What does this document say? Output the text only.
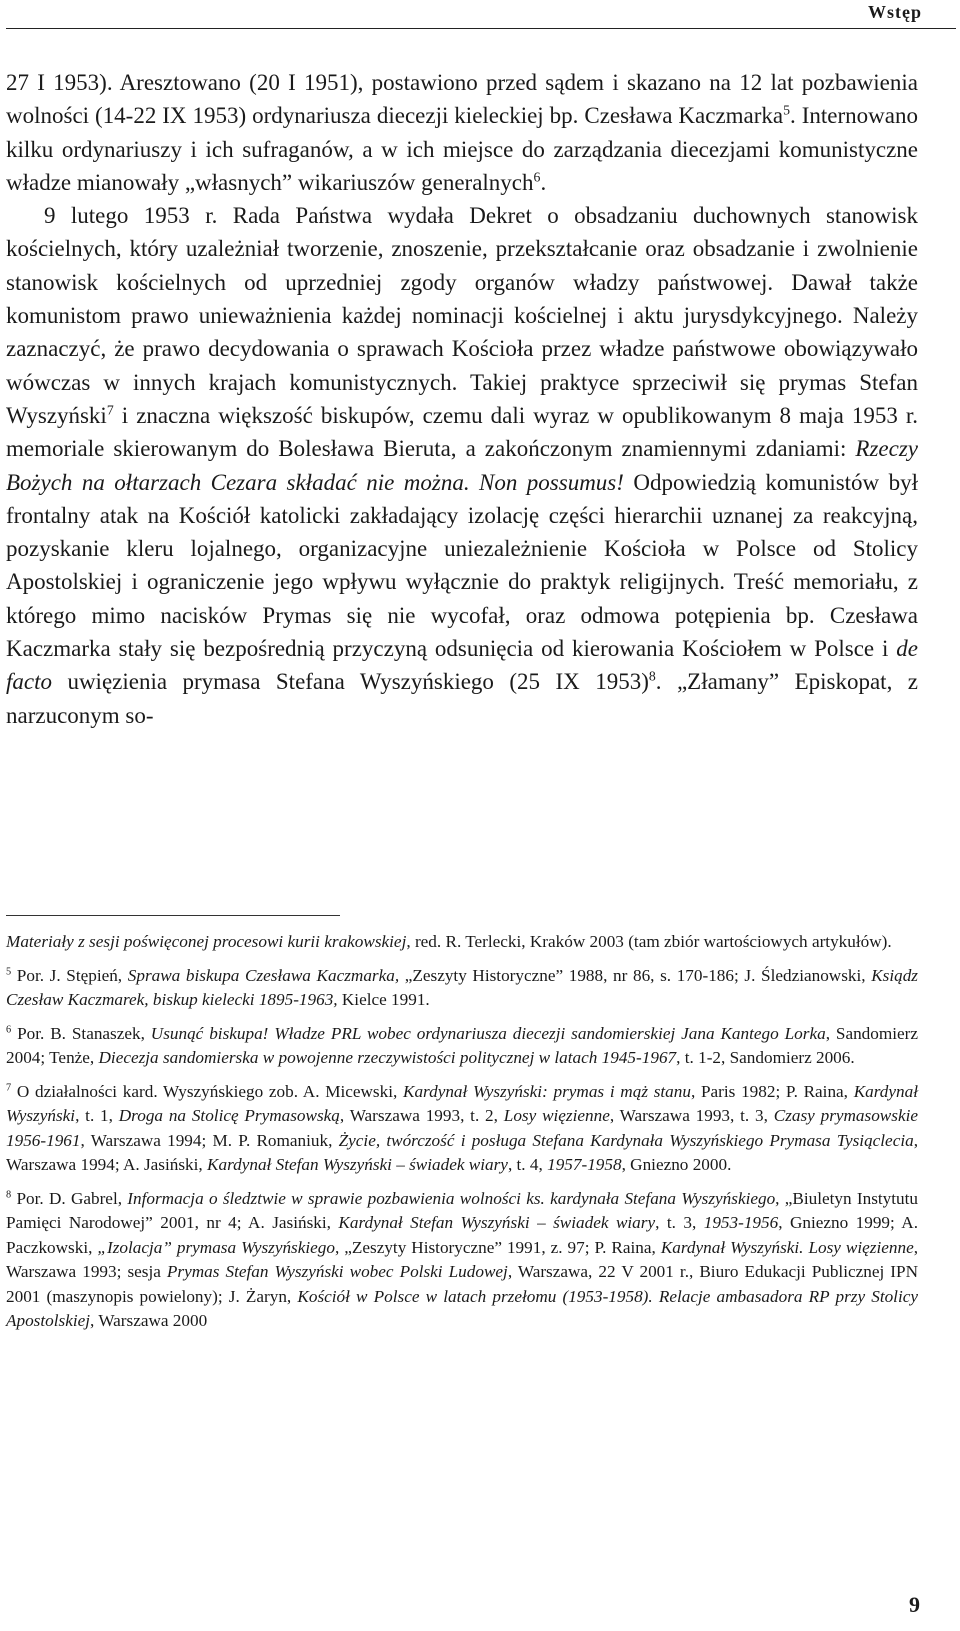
Wstęp

27 I 1953). Aresztowano (20 I 1951), postawiono przed sądem i skazano na 12 lat pozbawienia wolności (14-22 IX 1953) ordynariusza diecezji kieleckiej bp. Czesława Kaczmarka$^5$. Internowano kilku ordynariuszy i ich sufraganów, a w ich miejsce do zarządzania diecezjami komunistyczne władze mianowały „własnych” wikariuszów generalnych$^6$.

9 lutego 1953 r. Rada Państwa wydała Dekret o obsadzaniu duchownych stanowisk kościelnych, który uzależniał tworzenie, znoszenie, przekształcanie oraz obsadzanie i zwolnienie stanowisk kościelnych od uprzedniej zgody organów władzy państwowej. Dawał także komunistom prawo unieważnienia każdej nominacji kościelnej i aktu jurysdykcyjnego. Należy zaznaczyć, że prawo decydowania o sprawach Kościoła przez władze państwowe obowiązywało wówczas w innych krajach komunistycznych. Takiej praktyce sprzeciwił się prymas Stefan Wyszyński$^7$ i znaczna większość biskupów, czemu dali wyraz w opublikowanym 8 maja 1953 r. memoriale skierowanym do Bolesława Bieruta, a zakończonym znamiennymi zdaniami: Rzeczy Bożych na ołtarzach Cezara składać nie można. Non possumus! Odpowiedzią komunistów był frontalny atak na Kościół katolicki zakładający izolację części hierarchii uznanej za reakcyjną, pozyskanie kleru lojalnego, organizacyjne uniezależnienie Kościoła w Polsce od Stolicy Apostolskiej i ograniczenie jego wpływu wyłącznie do praktyk religijnych. Treść memoriału, z którego mimo nacisków Prymas się nie wycofał, oraz odmowa potępienia bp. Czesława Kaczmarka stały się bezpośrednią przyczyną odsunięcia od kierowania Kościołem w Polsce i de facto uwięzienia prymasa Stefana Wyszyńskiego (25 IX 1953)$^8$. „Złamany” Episkopat, z narzuconym so-

Materiały z sesji poświęconej procesowi kurii krakowskiej, red. R. Terlecki, Kraków 2003 (tam zbiór wartościowych artykułów).

$^5$ Por. J. Stępień, Sprawa biskupa Czesława Kaczmarka, „Zeszyty Historyczne” 1988, nr 86, s. 170-186; J. Śledzianowski, Ksiądz Czesław Kaczmarek, biskup kielecki 1895-1963, Kielce 1991.

$^6$ Por. B. Stanaszek, Usunąć biskupa! Władze PRL wobec ordynariusza diecezji sandomierskiej Jana Kantego Lorka, Sandomierz 2004; Tenże, Diecezja sandomierska w powojenne rzeczywistości politycznej w latach 1945-1967, t. 1-2, Sandomierz 2006.

$^7$ O działalności kard. Wyszyńskiego zob. A. Micewski, Kardynał Wyszyński: prymas i mąż stanu, Paris 1982; P. Raina, Kardynał Wyszyński, t. 1, Droga na Stolicę Prymasowską, Warszawa 1993, t. 2, Losy więzienne, Warszawa 1993, t. 3, Czasy prymasowskie 1956-1961, Warszawa 1994; M. P. Romaniuk, Życie, twórczość i posługa Stefana Kardynała Wyszyńskiego Prymasa Tysiąclecia, Warszawa 1994; A. Jasiński, Kardynał Stefan Wyszyński – świadek wiary, t. 4, 1957-1958, Gniezno 2000.

$^8$ Por. D. Gabrel, Informacja o śledztwie w sprawie pozbawienia wolności ks. kardynała Stefana Wyszyńskiego, „Biuletyn Instytutu Pamięci Narodowej” 2001, nr 4; A. Jasiński, Kardynał Stefan Wyszyński – świadek wiary, t. 3, 1953-1956, Gniezno 1999; A. Paczkowski, „Izolacja” prymasa Wyszyńskiego, „Zeszyty Historyczne” 1991, z. 97; P. Raina, Kardynał Wyszyński. Losy więzienne, Warszawa 1993; sesja Prymas Stefan Wyszyński wobec Polski Ludowej, Warszawa, 22 V 2001 r., Biuro Edukacji Publicznej IPN 2001 (maszynopis powielony); J. Żaryn, Kościół w Polsce w latach przełomu (1953-1958). Relacje ambasadora RP przy Stolicy Apostolskiej, Warszawa 2000

9
